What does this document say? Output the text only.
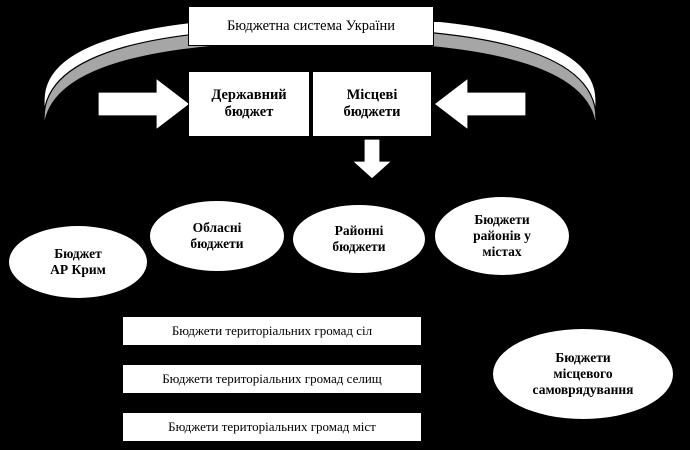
Бюджетна система України
Державний
бюджет
Місцеві
бюджети
Бюджет
АР Крим
Обласні
бюджети
Районні
бюджети
Бюджети
районів у
містах
Бюджети
місцевого
самоврядування
Бюджети територіальних громад сіл
Бюджети територіальних громад селищ
Бюджети територіальних громад міст
